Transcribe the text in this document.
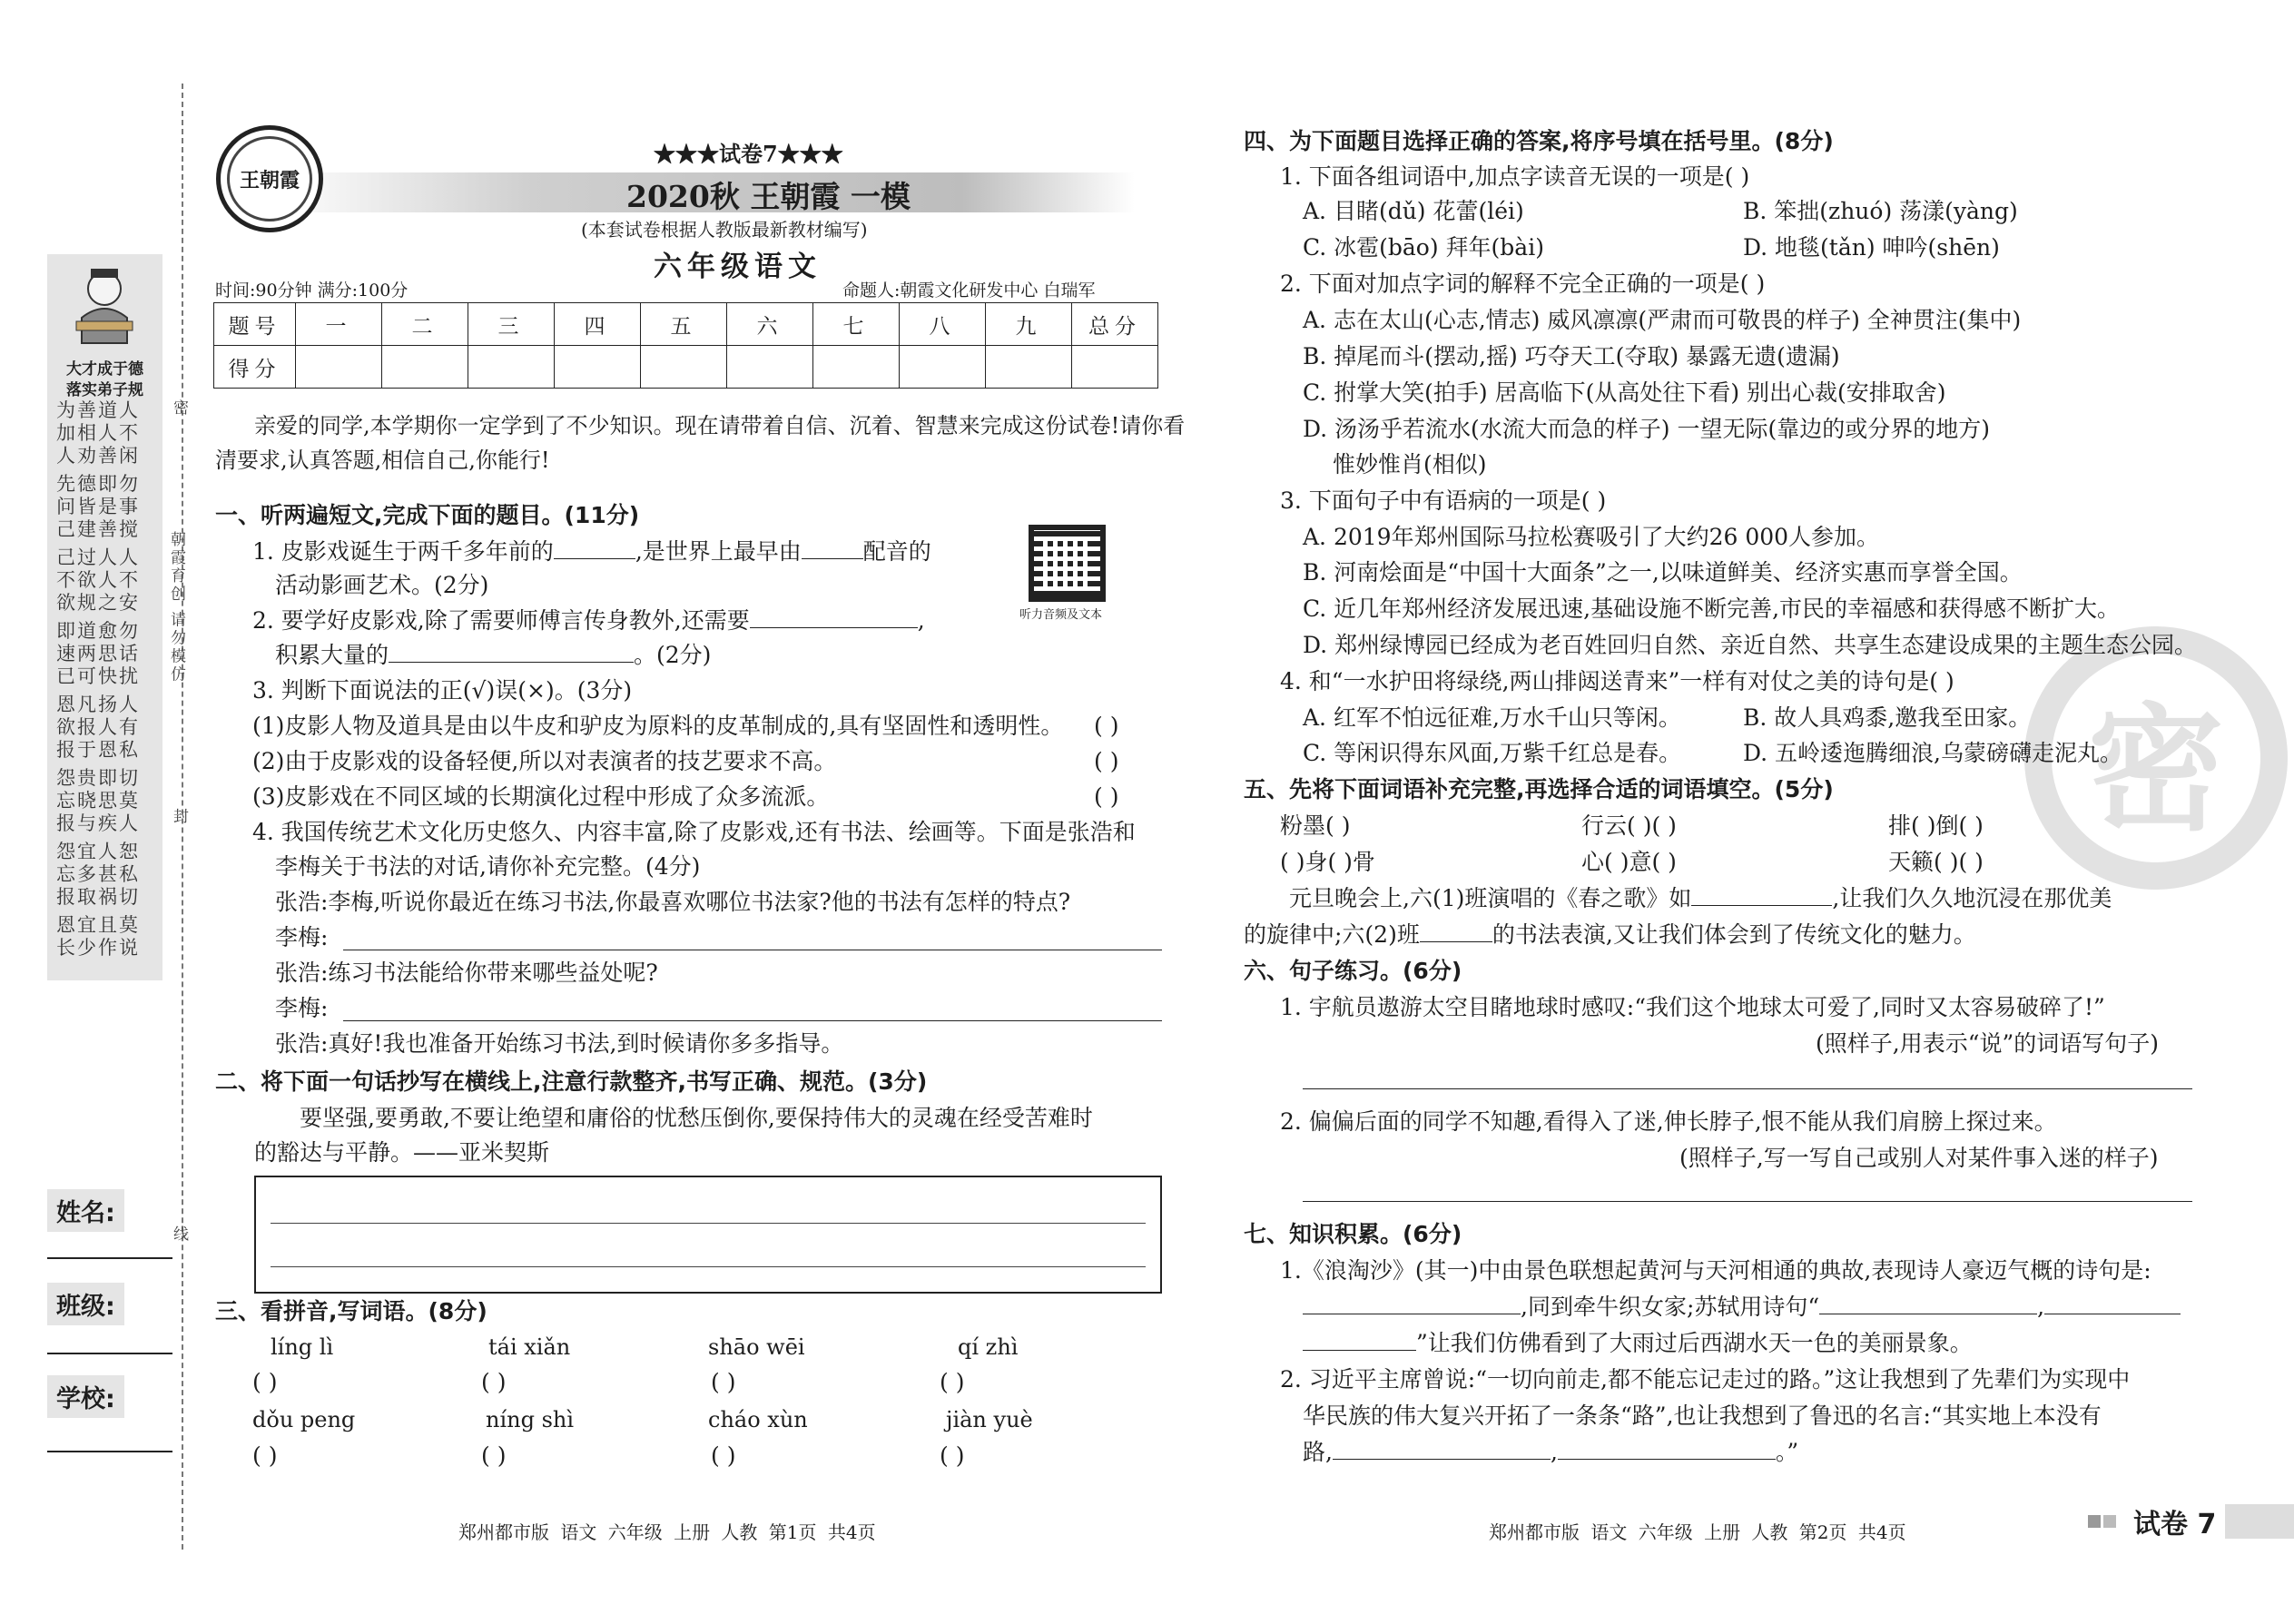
大才成于德
落实弟子规
为善道人
加相人不
人劝善闲
先德即勿
问皆是事
己建善搅
己过人人
不欲人不
欲规之安
即道愈勿
速两思话
已可快扰
恩凡扬人
欲报人有
报于恩私
怨贵即切
忘晓思莫
报与疾人
怨宜人恕
忘多甚私
报取祸切
恩宜且莫
长少作说
密
封
线
朝霞育创 请勿模仿
姓名:
班级:
学校:
王朝霞
★★★试卷7★★★
2020秋 王朝霞 一模
(本套试卷根据人教版最新教材编写)
六年级语文
时间:90分钟 满分:100分	命题人:朝霞文化研发中心 白瑞军
题号	一	二	三	四	五	六	七	八	九	总分
得分										
亲爱的同学,本学期你一定学到了不少知识。现在请带着自信、沉着、智慧来完成这份试卷!请你看
清要求,认真答题,相信自己,你能行!
一、听两遍短文,完成下面的题目。(11分)
听力音频及文本
1. 皮影戏诞生于两千多年前的	,是世界上最早由	配音的
活动影画艺术。(2分)
2. 要学好皮影戏,除了需要师傅言传身教外,还需要	,
积累大量的	。(2分)
3. 判断下面说法的正(√)误(×)。(3分)
(1)皮影人物及道具是由以牛皮和驴皮为原料的皮革制成的,具有坚固性和透明性。 ( )
(2)由于皮影戏的设备轻便,所以对表演者的技艺要求不高。	( )
(3)皮影戏在不同区域的长期演化过程中形成了众多流派。	( )
4. 我国传统艺术文化历史悠久、内容丰富,除了皮影戏,还有书法、绘画等。下面是张浩和
李梅关于书法的对话,请你补充完整。(4分)
张浩:李梅,听说你最近在练习书法,你最喜欢哪位书法家?他的书法有怎样的特点?
李梅:
张浩:练习书法能给你带来哪些益处呢?
李梅:
张浩:真好!我也准备开始练习书法,到时候请你多多指导。
二、将下面一句话抄写在横线上,注意行款整齐,书写正确、规范。(3分)
要坚强,要勇敢,不要让绝望和庸俗的忧愁压倒你,要保持伟大的灵魂在经受苦难时
的豁达与平静。——亚米契斯
三、看拼音,写词语。(8分)
líng lì	tái xiǎn	shāo wēi	qí zhì
( )	( )	( )	( )
dǒu peng	níng shì	cháo xùn	jiàn yuè
( )	( )	( )	( )
郑州都市版 语文 六年级 上册 人教 第1页 共4页
密
四、为下面题目选择正确的答案,将序号填在括号里。(8分)
1. 下面各组词语中,加点字读音无误的一项是( )
A. 目睹(dǔ) 花蕾(léi)	B. 笨拙(zhuó) 荡漾(yàng)
C. 冰雹(bāo) 拜年(bài)	D. 地毯(tǎn) 呻吟(shēn)
2. 下面对加点字词的解释不完全正确的一项是( )
A. 志在太山(心志,情志) 威风凛凛(严肃而可敬畏的样子) 全神贯注(集中)
B. 掉尾而斗(摆动,摇) 巧夺天工(夺取) 暴露无遗(遗漏)
C. 拊掌大笑(拍手) 居高临下(从高处往下看) 别出心裁(安排取舍)
D. 汤汤乎若流水(水流大而急的样子) 一望无际(靠边的或分界的地方)
惟妙惟肖(相似)
3. 下面句子中有语病的一项是( )
A. 2019年郑州国际马拉松赛吸引了大约26 000人参加。
B. 河南烩面是“中国十大面条”之一,以味道鲜美、经济实惠而享誉全国。
C. 近几年郑州经济发展迅速,基础设施不断完善,市民的幸福感和获得感不断扩大。
D. 郑州绿博园已经成为老百姓回归自然、亲近自然、共享生态建设成果的主题生态公园。
4. 和“一水护田将绿绕,两山排闼送青来”一样有对仗之美的诗句是( )
A. 红军不怕远征难,万水千山只等闲。	B. 故人具鸡黍,邀我至田家。
C. 等闲识得东风面,万紫千红总是春。	D. 五岭逶迤腾细浪,乌蒙磅礴走泥丸。
五、先将下面词语补充完整,再选择合适的词语填空。(5分)
粉墨( )	行云( )( )	排( )倒( )
( )身( )骨	心( )意( )	天籁( )( )
元旦晚会上,六(1)班演唱的《春之歌》如	,让我们久久地沉浸在那优美
的旋律中;六(2)班	的书法表演,又让我们体会到了传统文化的魅力。
六、句子练习。(6分)
1. 宇航员遨游太空目睹地球时感叹:“我们这个地球太可爱了,同时又太容易破碎了!”
(照样子,用表示“说”的词语写句子)
2. 偏偏后面的同学不知趣,看得入了迷,伸长脖子,恨不能从我们肩膀上探过来。
(照样子,写一写自己或别人对某件事入迷的样子)
七、知识积累。(6分)
1.《浪淘沙》(其一)中由景色联想起黄河与天河相通的典故,表现诗人豪迈气概的诗句是:
,同到牵牛织女家;苏轼用诗句“	,
”让我们仿佛看到了大雨过后西湖水天一色的美丽景象。
2. 习近平主席曾说:“一切向前走,都不能忘记走过的路。”这让我想到了先辈们为实现中
华民族的伟大复兴开拓了一条条“路”,也让我想到了鲁迅的名言:“其实地上本没有
路,	,	。”
郑州都市版 语文 六年级 上册 人教 第2页 共4页	试卷 7
